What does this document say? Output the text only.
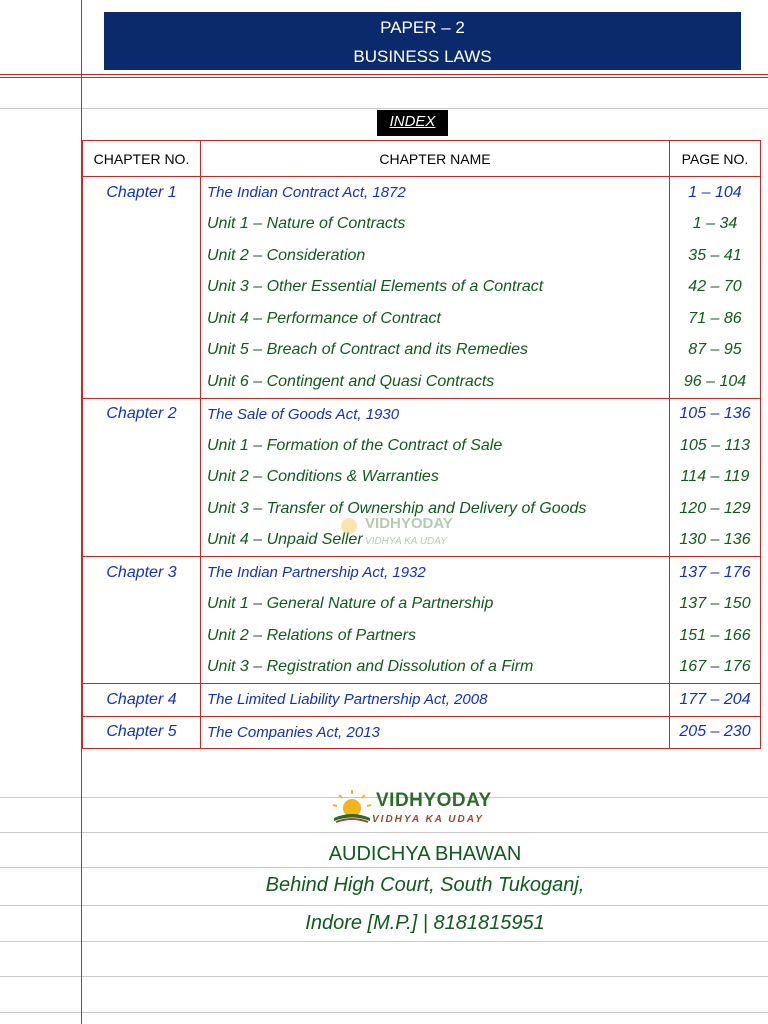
PAPER – 2
BUSINESS LAWS
INDEX
CHAPTER NO.	CHAPTER NAME	PAGE NO.
Chapter 1	The Indian Contract Act, 1872	1 – 104
	Unit 1 – Nature of Contracts	1 – 34
	Unit 2 – Consideration	35 – 41
	Unit 3 – Other Essential Elements of a Contract	42 – 70
	Unit 4 – Performance of Contract	71 – 86
	Unit 5 – Breach of Contract and its Remedies	87 – 95
	Unit 6 – Contingent and Quasi Contracts	96 – 104
Chapter 2	The Sale of Goods Act, 1930	105 – 136
	Unit 1 – Formation of the Contract of Sale	105 – 113
	Unit 2 – Conditions & Warranties	114 – 119
	Unit 3 – Transfer of Ownership and Delivery of Goods	120 – 129
	Unit 4 – Unpaid Seller	130 – 136
Chapter 3	The Indian Partnership Act, 1932	137 – 176
	Unit 1 – General Nature of a Partnership	137 – 150
	Unit 2 – Relations of Partners	151 – 166
	Unit 3 – Registration and Dissolution of a Firm	167 – 176
Chapter 4	The Limited Liability Partnership Act, 2008	177 – 204
Chapter 5	The Companies Act, 2013	205 – 230
VIDHYODAY
VIDHYA KA UDAY
VIDHYODAY
VIDHYA KA UDAY
AUDICHYA BHAWAN
Behind High Court, South Tukoganj,
Indore [M.P.] | 8181815951
